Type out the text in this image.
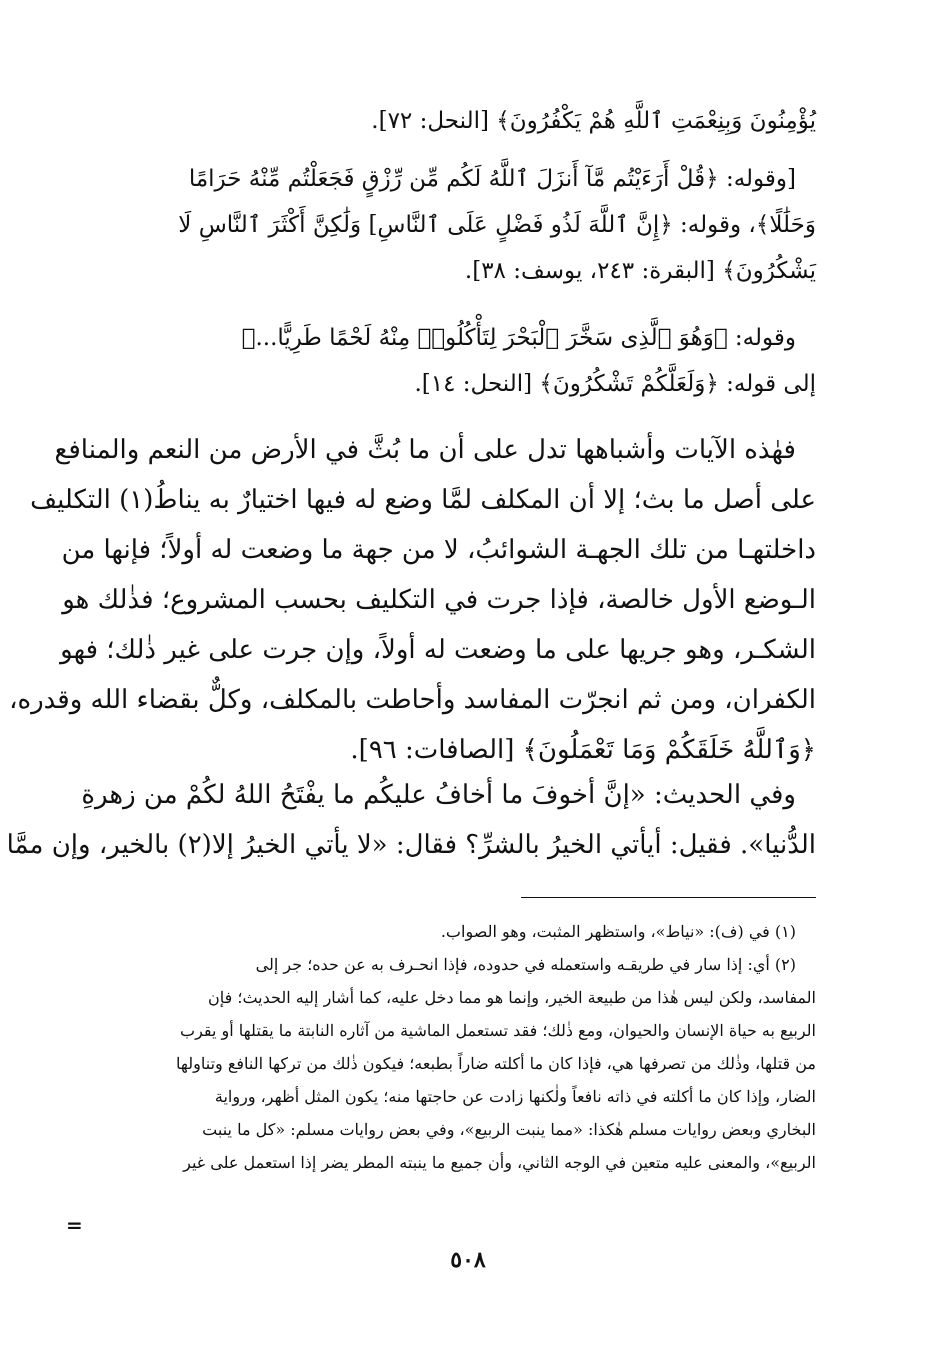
يُؤْمِنُونَ وَبِنِعْمَتِ ٱللَّهِ هُمْ يَكْفُرُونَ﴾ [النحل: ٧٢].
[وقوله: ﴿قُلْ أَرَءَيْتُم مَّآ أَنزَلَ ٱللَّهُ لَكُم مِّن رِّزْقٍ فَجَعَلْتُم مِّنْهُ حَرَامًا
وَحَلَٰلًا﴾، وقوله: ﴿إِنَّ ٱللَّهَ لَذُو فَضْلٍ عَلَى ٱلنَّاسِ] وَلَٰكِنَّ أَكْثَرَ ٱلنَّاسِ لَا
يَشْكُرُونَ﴾ [البقرة: ٢٤٣، يوسف: ٣٨].
وقوله: ﴿وَهُوَ ٱلَّذِى سَخَّرَ ٱلْبَحْرَ لِتَأْكُلُوا۟ مِنْهُ لَحْمًا طَرِيًّا...﴾
إلى قوله: ﴿وَلَعَلَّكُمْ تَشْكُرُونَ﴾ [النحل: ١٤].
فهٰذه الآيات وأشباهها تدل على أن ما بُثَّ في الأرض من النعم والمنافع
على أصل ما بث؛ إلا أن المكلف لمَّا وضع له فيها اختيارٌ به يناطُ(١) التكليف
داخلتهـا من تلك الجهـة الشوائبُ، لا من جهة ما وضعت له أولاً؛ فإنها من
الـوضع الأول خالصة، فإذا جرت في التكليف بحسب المشروع؛ فذٰلك هو
الشكـر، وهو جريها على ما وضعت له أولاً، وإن جرت على غير ذٰلك؛ فهو
الكفران، ومن ثم انجرّت المفاسد وأحاطت بالمكلف، وكلٌّ بقضاء الله وقدره،
﴿وَٱللَّهُ خَلَقَكُمْ وَمَا تَعْمَلُونَ﴾ [الصافات: ٩٦].
وفي الحديث: «إنَّ أخوفَ ما أخافُ عليكُم ما يفْتَحُ اللهُ لكُمْ من زهرةِ
الدُّنيا». فقيل: أيأتي الخيرُ بالشرِّ؟ فقال: «لا يأتي الخيرُ إلا(٢) بالخير، وإن ممَّا
(١) في (ف): «نياط»، واستظهر المثبت، وهو الصواب.
(٢) أي: إذا سار في طريقـه واستعمله في حدوده، فإذا انحـرف به عن حده؛ جر إلى
المفاسد، ولكن ليس هٰذا من طبيعة الخير، وإنما هو مما دخل عليه، كما أشار إليه الحديث؛ فإن
الربيع به حياة الإنسان والحيوان، ومع ذٰلك؛ فقد تستعمل الماشية من آثاره النابتة ما يقتلها أو يقرب
من قتلها، وذٰلك من تصرفها هي، فإذا كان ما أكلته ضاراً بطبعه؛ فيكون ذٰلك من تركها النافع وتناولها
الضار، وإذا كان ما أكلته في ذاته نافعاً ولٰكنها زادت عن حاجتها منه؛ يكون المثل أظهر، ورواية
البخاري وبعض روايات مسلم هٰكذا: «مما ينبت الربيع»، وفي بعض روايات مسلم: «كل ما ينبت
الربيع»، والمعنى عليه متعين في الوجه الثاني، وأن جميع ما ينبته المطر يضر إذا استعمل على غير
=
٥٠٨
